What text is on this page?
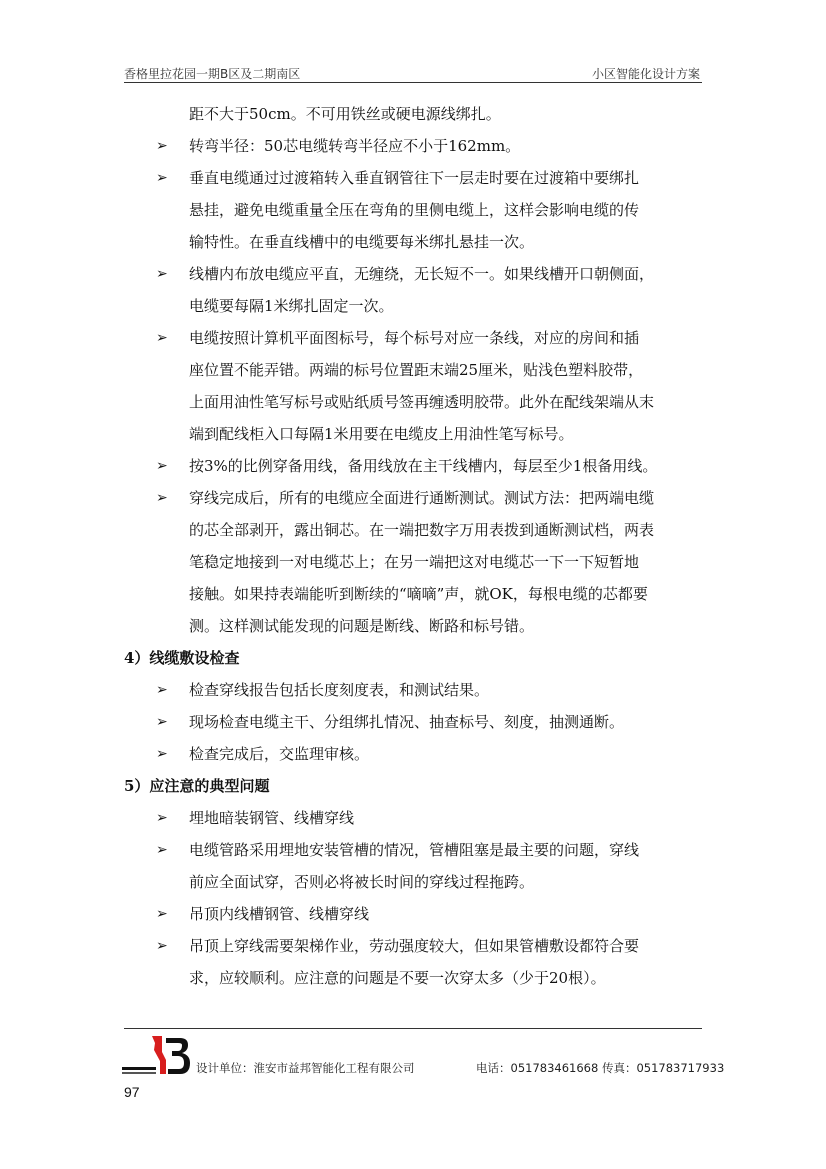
香格里拉花园一期B区及二期南区	小区智能化设计方案
距不大于50cm。不可用铁丝或硬电源线绑扎。
➢ 转弯半径：50芯电缆转弯半径应不小于162mm。
➢ 垂直电缆通过过渡箱转入垂直钢管往下一层走时要在过渡箱中要绑扎
悬挂，避免电缆重量全压在弯角的里侧电缆上，这样会影响电缆的传
输特性。在垂直线槽中的电缆要每米绑扎悬挂一次。
➢ 线槽内布放电缆应平直，无缠绕，无长短不一。如果线槽开口朝侧面，
电缆要每隔1米绑扎固定一次。
➢ 电缆按照计算机平面图标号，每个标号对应一条线，对应的房间和插
座位置不能弄错。两端的标号位置距末端25厘米，贴浅色塑料胶带，
上面用油性笔写标号或贴纸质号签再缠透明胶带。此外在配线架端从末
端到配线柜入口每隔1米用要在电缆皮上用油性笔写标号。
➢ 按3%的比例穿备用线，备用线放在主干线槽内，每层至少1根备用线。
➢ 穿线完成后，所有的电缆应全面进行通断测试。测试方法：把两端电缆
的芯全部剥开，露出铜芯。在一端把数字万用表拨到通断测试档，两表
笔稳定地接到一对电缆芯上；在另一端把这对电缆芯一下一下短暂地
接触。如果持表端能听到断续的“嘀嘀”声，就OK，每根电缆的芯都要
测。这样测试能发现的问题是断线、断路和标号错。
4）线缆敷设检查
➢ 检查穿线报告包括长度刻度表，和测试结果。
➢ 现场检查电缆主干、分组绑扎情况、抽查标号、刻度，抽测通断。
➢ 检查完成后，交监理审核。
5）应注意的典型问题
➢ 埋地暗装钢管、线槽穿线
➢ 电缆管路采用埋地安装管槽的情况，管槽阻塞是最主要的问题，穿线
前应全面试穿，否则必将被长时间的穿线过程拖跨。
➢ 吊顶内线槽钢管、线槽穿线
➢ 吊顶上穿线需要架梯作业，劳动强度较大，但如果管槽敷设都符合要
求，应较顺利。应注意的问题是不要一次穿太多（少于20根）。
设计单位：淮安市益邦智能化工程有限公司	电话：051783461668 传真：051783717933
97
